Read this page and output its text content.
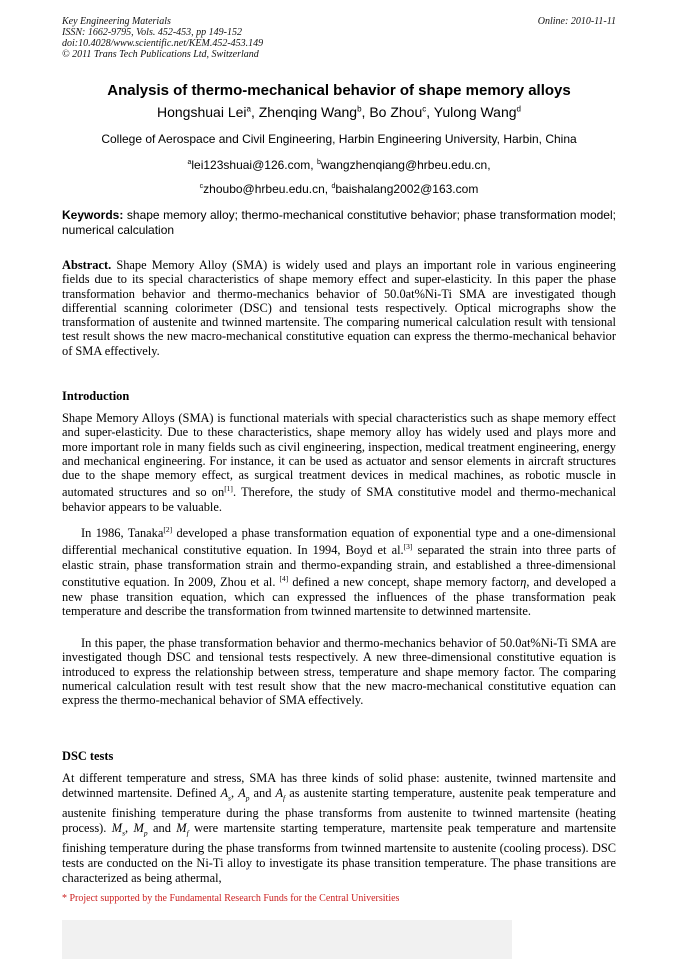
Online: 2010-11-11
Key Engineering Materials
ISSN: 1662-9795, Vols. 452-453, pp 149-152
doi:10.4028/www.scientific.net/KEM.452-453.149
© 2011 Trans Tech Publications Ltd, Switzerland
Analysis of thermo-mechanical behavior of shape memory alloys
Hongshuai Lei$^a$, Zhenqing Wang$^b$, Bo Zhou$^c$, Yulong Wang$^d$
College of Aerospace and Civil Engineering, Harbin Engineering University, Harbin, China
$^a$lei123shuai@126.com, $^b$wangzhenqiang@hrbeu.edu.cn,
$^c$zhoubo@hrbeu.edu.cn, $^d$baishalang2002@163.com
Keywords: shape memory alloy; thermo-mechanical constitutive behavior; phase transformation model; numerical calculation
Abstract. Shape Memory Alloy (SMA) is widely used and plays an important role in various engineering fields due to its special characteristics of shape memory effect and super-elasticity. In this paper the phase transformation behavior and thermo-mechanics behavior of 50.0at%Ni-Ti SMA are investigated though differential scanning colorimeter (DSC) and tensional tests respectively. Optical micrographs show the transformation of austenite and twinned martensite. The comparing numerical calculation result with tensional test result shows the new macro-mechanical constitutive equation can express the thermo-mechanical behavior of SMA effectively.
Introduction

Shape Memory Alloys (SMA) is functional materials with special characteristics such as shape memory effect and super-elasticity. Due to these characteristics, shape memory alloy has widely used and plays more and more important role in many fields such as civil engineering, inspection, medical treatment engineering, energy and mechanical engineering. For instance, it can be used as actuator and sensor elements in aircraft structures due to the shape memory effect, as surgical treatment devices in medical machines, as robotic muscle in automated structures and so on[1]. Therefore, the study of SMA constitutive model and thermo-mechanical behavior appears to be valuable.

In 1986, Tanaka[2] developed a phase transformation equation of exponential type and a one-dimensional differential mechanical constitutive equation. In 1994, Boyd et al.[3] separated the strain into three parts of elastic strain, phase transformation strain and thermo-expanding strain, and established a three-dimensional constitutive equation. In 2009, Zhou et al. [4] defined a new concept, shape memory factorη, and developed a new phase transition equation, which can expressed the influences of the phase transformation peak temperature and describe the transformation from twinned martensite to detwinned martensite.

In this paper, the phase transformation behavior and thermo-mechanics behavior of 50.0at%Ni-Ti SMA are investigated though DSC and tensional tests respectively. A new three-dimensional constitutive equation is introduced to express the relationship between stress, temperature and shape memory factor. The comparing numerical calculation result with test result show that the new macro-mechanical constitutive equation can express the thermo-mechanical behavior of SMA effectively.

DSC tests

At different temperature and stress, SMA has three kinds of solid phase: austenite, twinned martensite and detwinned martensite. Defined $A_s$, $A_p$ and $A_f$ as austenite starting temperature, austenite peak temperature and austenite finishing temperature during the phase transforms from austenite to twinned martensite (heating process). $M_s$, $M_p$ and $M_f$ were martensite starting temperature, martensite peak temperature and martensite finishing temperature during the phase transforms from twinned martensite to austenite (cooling process). DSC tests are conducted on the Ni-Ti alloy to investigate its phase transition temperature. The phase transitions are characterized as being athermal,

* Project supported by the Fundamental Research Funds for the Central Universities
